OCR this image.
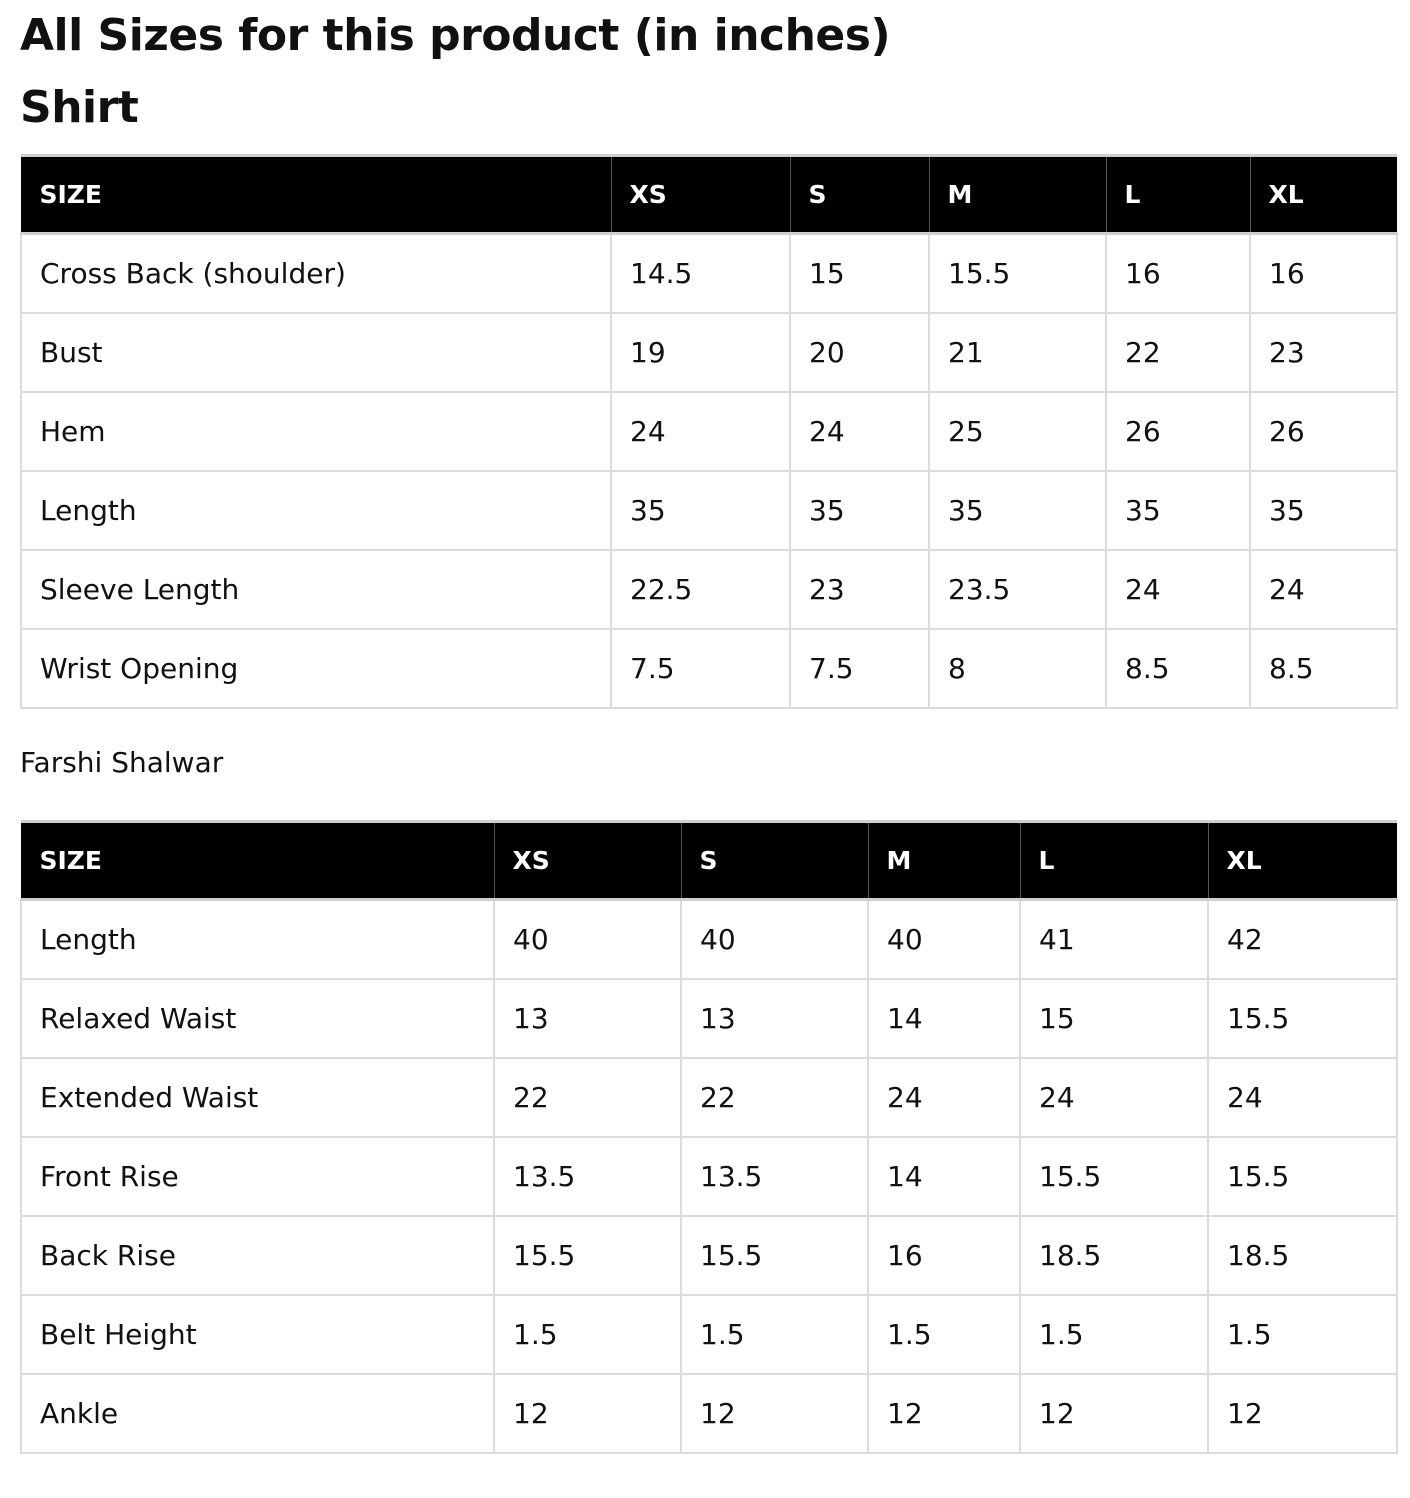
All Sizes for this product (in inches)
Shirt
SIZE	XS	S	M	L	XL
Cross Back (shoulder)	14.5	15	15.5	16	16
Bust	19	20	21	22	23
Hem	24	24	25	26	26
Length	35	35	35	35	35
Sleeve Length	22.5	23	23.5	24	24
Wrist Opening	7.5	7.5	8	8.5	8.5
Farshi Shalwar
SIZE	XS	S	M	L	XL
Length	40	40	40	41	42
Relaxed Waist	13	13	14	15	15.5
Extended Waist	22	22	24	24	24
Front Rise	13.5	13.5	14	15.5	15.5
Back Rise	15.5	15.5	16	18.5	18.5
Belt Height	1.5	1.5	1.5	1.5	1.5
Ankle	12	12	12	12	12
